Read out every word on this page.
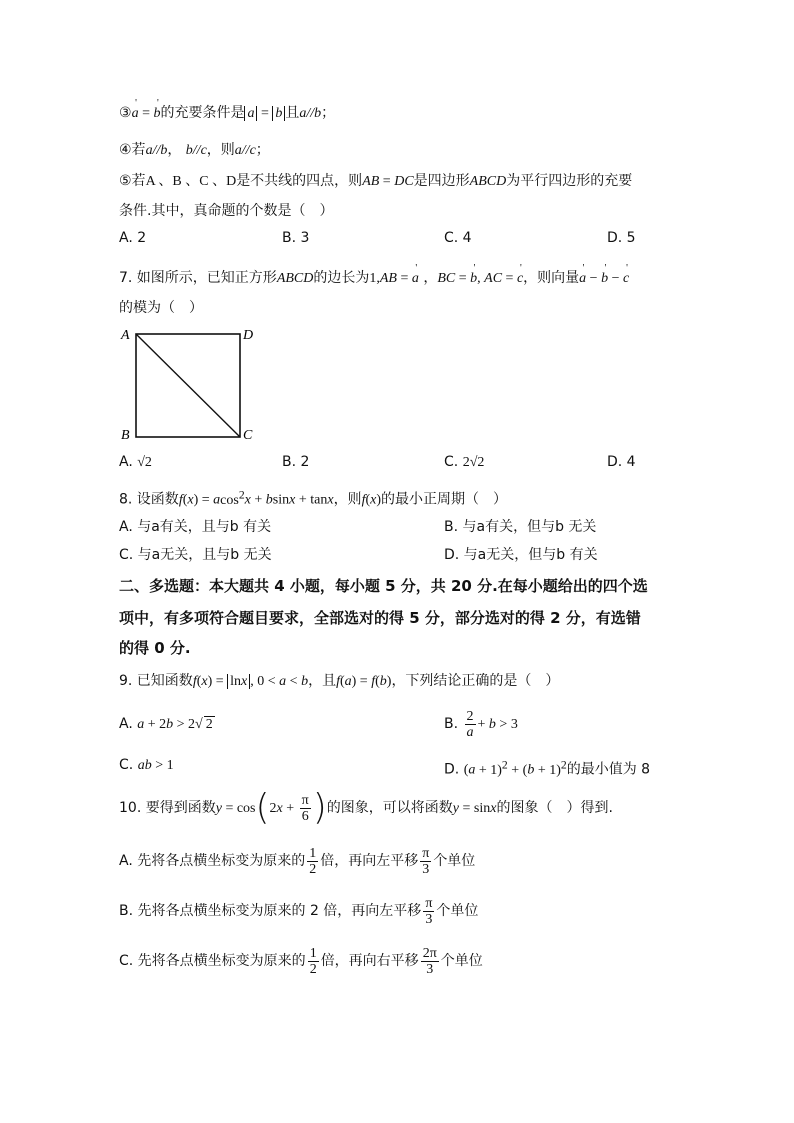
③' a = ' b的充要条件是 a = b 且a//b；
④若a//b， b//c，则a//c；
⑤若A 、B 、C 、D是不共线的四点，则AB = DC是四边形ABCD为平行四边形的充要
条件.其中，真命题的个数是（　）
A. 2	B. 3	C. 4	D. 5
7. 如图所示，已知正方形ABCD的边长为1,AB = ' a ，BC = ' b, AC = ' c，则向量' a − ' b − ' c
的模为（　）
A	D
B	C
A. √2	B. 2	C. 2√2	D. 4
8. 设函数f(x) = acos$^2$x + bsinx + tanx，则f(x)的最小正周期（　）
A. 与a有关，且与b 有关	B. 与a有关，但与b 无关
C. 与a无关，且与b 无关	D. 与a无关，但与b 有关
二、多选题：本大题共 4 小题，每小题 5 分，共 20 分.在每小题给出的四个选
项中，有多项符合题目要求，全部选对的得 5 分，部分选对的得 2 分，有选错
的得 0 分.
9. 已知函数f(x) = lnx , 0 < a < b，且f(a) = f(b)，下列结论正确的是（　）
A. a + 2b > 2√ 2	B. $\frac{2}{a} + b > 3$
C. ab > 1	D. $(a + 1)^2 + (b + 1)^2$的最小值为 8
10. 要得到函数$y = \cos(2x + \frac{\pi}{6}$ )的图象，可以将函数y = sinx的图象（　）得到.
A. 先将各点横坐标变为原来的 $\frac{1}{2}$ 倍，再向左平移 $\frac{\pi}{3}$ 个单位
B. 先将各点横坐标变为原来的 2 倍，再向左平移 $\frac{\pi}{3}$ 个单位
C. 先将各点横坐标变为原来的 $\frac{1}{2}$ 倍，再向右平移 $\frac{2\pi}{3}$ 个单位
